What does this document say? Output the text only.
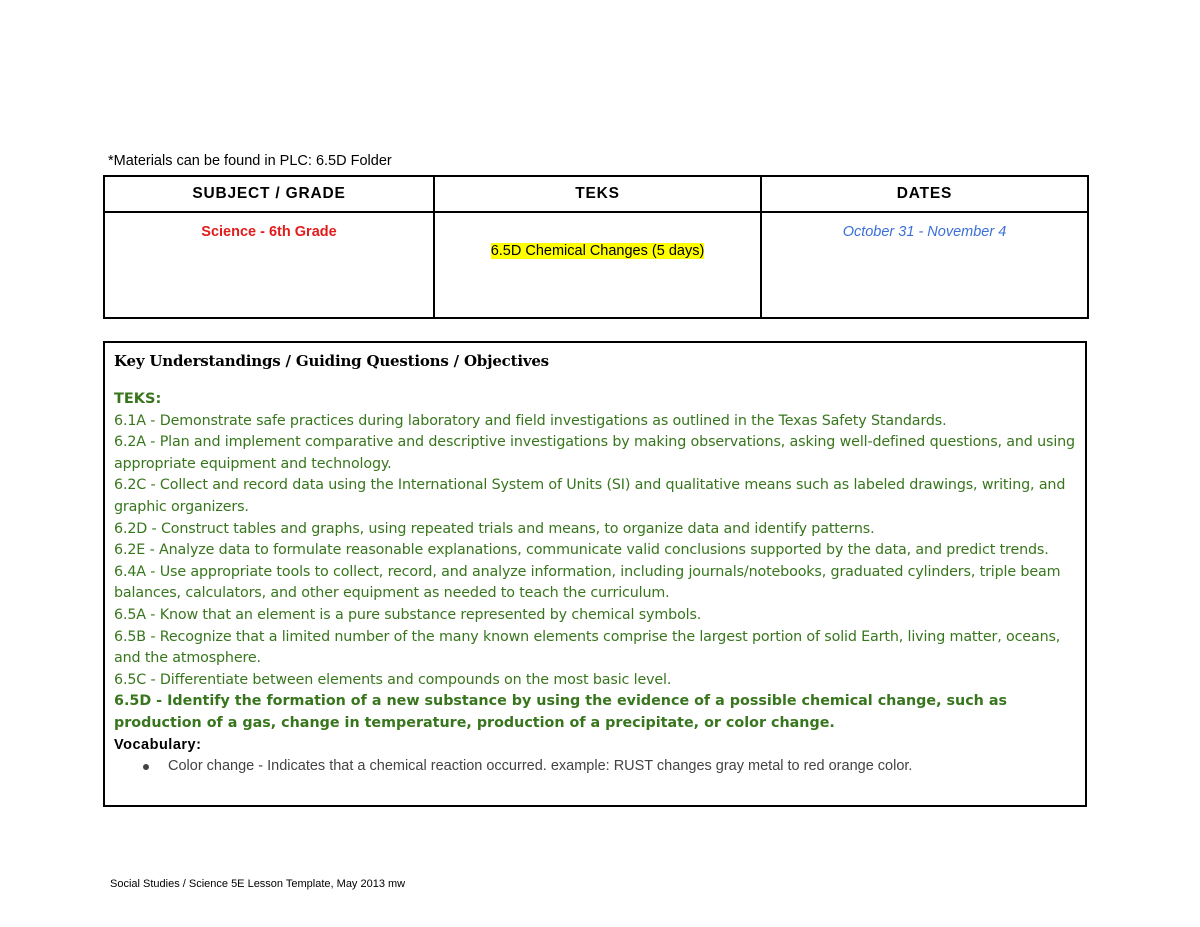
*Materials can be found in PLC: 6.5D Folder
SUBJECT / GRADE	TEKS	DATES
Science - 6th Grade	6.5D Chemical Changes (5 days)	October 31 - November 4
Key Understandings / Guiding Questions / Objectives
TEKS:
6.1A - Demonstrate safe practices during laboratory and field investigations as outlined in the Texas Safety Standards.
6.2A - Plan and implement comparative and descriptive investigations by making observations, asking well-defined questions, and using appropriate equipment and technology.
6.2C - Collect and record data using the International System of Units (SI) and qualitative means such as labeled drawings, writing, and graphic organizers.
6.2D - Construct tables and graphs, using repeated trials and means, to organize data and identify patterns.
6.2E - Analyze data to formulate reasonable explanations, communicate valid conclusions supported by the data, and predict trends.
6.4A - Use appropriate tools to collect, record, and analyze information, including journals/notebooks, graduated cylinders, triple beam balances, calculators, and other equipment as needed to teach the curriculum.
6.5A - Know that an element is a pure substance represented by chemical symbols.
6.5B - Recognize that a limited number of the many known elements comprise the largest portion of solid Earth, living matter, oceans, and the atmosphere.
6.5C - Differentiate between elements and compounds on the most basic level.
6.5D - Identify the formation of a new substance by using the evidence of a possible chemical change, such as production of a gas, change in temperature, production of a precipitate, or color change.
Vocabulary:
Color change - Indicates that a chemical reaction occurred. example: RUST changes gray metal to red orange color.
Social Studies / Science 5E Lesson Template, May 2013 mw
